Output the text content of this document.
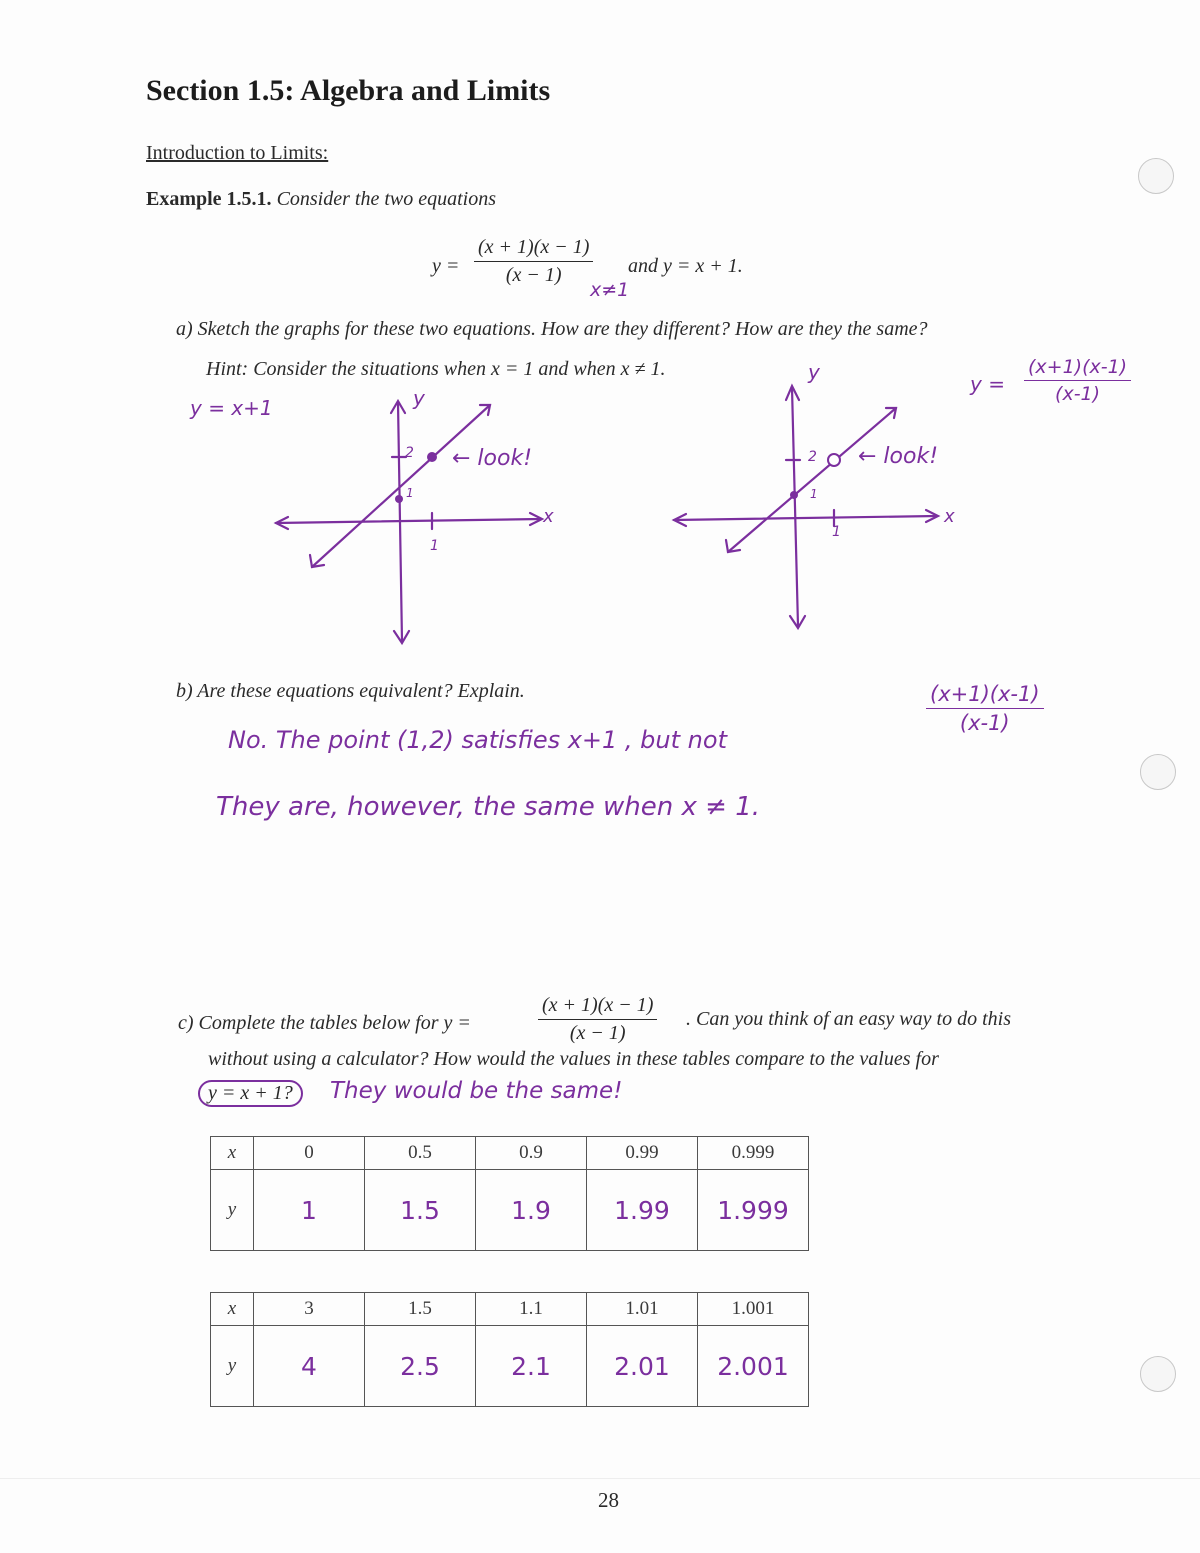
Section 1.5: Algebra and Limits
Introduction to Limits:
Example 1.5.1. Consider the two equations
$y = \frac{(x + 1)(x - 1)}{(x - 1)}$
x≠1
and y = x + 1.
a) Sketch the graphs for these two equations. How are they different? How are they the same?
Hint: Consider the situations when x = 1 and when x ≠ 1.
y = x+1	y
x
2
1
1
← look!
y
x
2
1
1
← look!
$y = \frac{(x+1)(x-1)}{(x-1)}$
b) Are these equations equivalent? Explain.
No. The point (1,2) satisfies x+1 , but not
$\frac{(x+1)(x-1)}{(x-1)}$
They are, however, the same when x ≠ 1.
c) Complete the tables below for y =	$\frac{(x + 1)(x - 1)}{(x - 1)}$ . Can you think of an easy way to do this
without using a calculator? How would the values in these tables compare to the values for
y = x + 1?	They would be the same!
x	0	0.5	0.9	0.99	0.999
y	1	1.5	1.9	1.99	1.999
x	3	1.5	1.1	1.01	1.001
y	4	2.5	2.1	2.01	2.001
28
